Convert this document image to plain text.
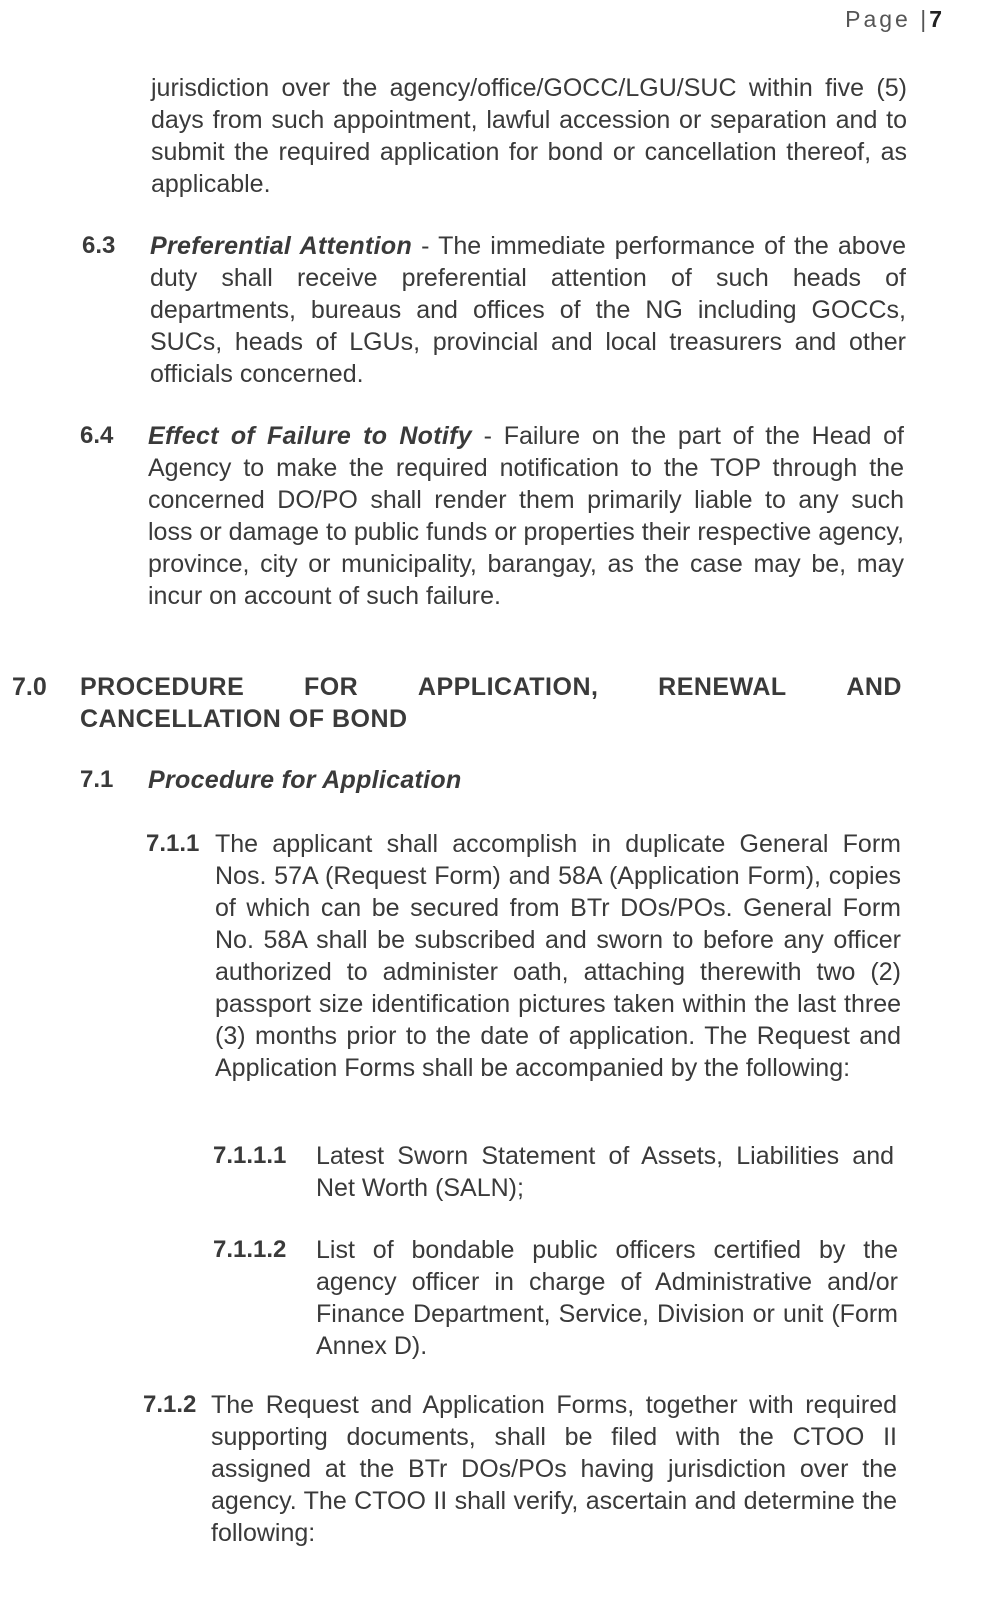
Page |7
jurisdiction over the agency/office/GOCC/LGU/SUC within five (5) days from such appointment, lawful accession or separation and to submit the required application for bond or cancellation thereof, as applicable.
6.3 Preferential Attention - The immediate performance of the above duty shall receive preferential attention of such heads of departments, bureaus and offices of the NG including GOCCs, SUCs, heads of LGUs, provincial and local treasurers and other officials concerned.
6.4 Effect of Failure to Notify - Failure on the part of the Head of Agency to make the required notification to the TOP through the concerned DO/PO shall render them primarily liable to any such loss or damage to public funds or properties their respective agency, province, city or municipality, barangay, as the case may be, may incur on account of such failure.
7.0 PROCEDURE FOR APPLICATION, RENEWAL AND
CANCELLATION OF BOND
7.1 Procedure for Application
7.1.1 The applicant shall accomplish in duplicate General Form Nos. 57A (Request Form) and 58A (Application Form), copies of which can be secured from BTr DOs/POs. General Form No. 58A shall be subscribed and sworn to before any officer authorized to administer oath, attaching therewith two (2) passport size identification pictures taken within the last three (3) months prior to the date of application. The Request and Application Forms shall be accompanied by the following:
7.1.1.1 Latest Sworn Statement of Assets, Liabilities and Net Worth (SALN);
7.1.1.2 List of bondable public officers certified by the agency officer in charge of Administrative and/or Finance Department, Service, Division or unit (Form Annex D).
7.1.2 The Request and Application Forms, together with required supporting documents, shall be filed with the CTOO II assigned at the BTr DOs/POs having jurisdiction over the agency. The CTOO II shall verify, ascertain and determine the following:
